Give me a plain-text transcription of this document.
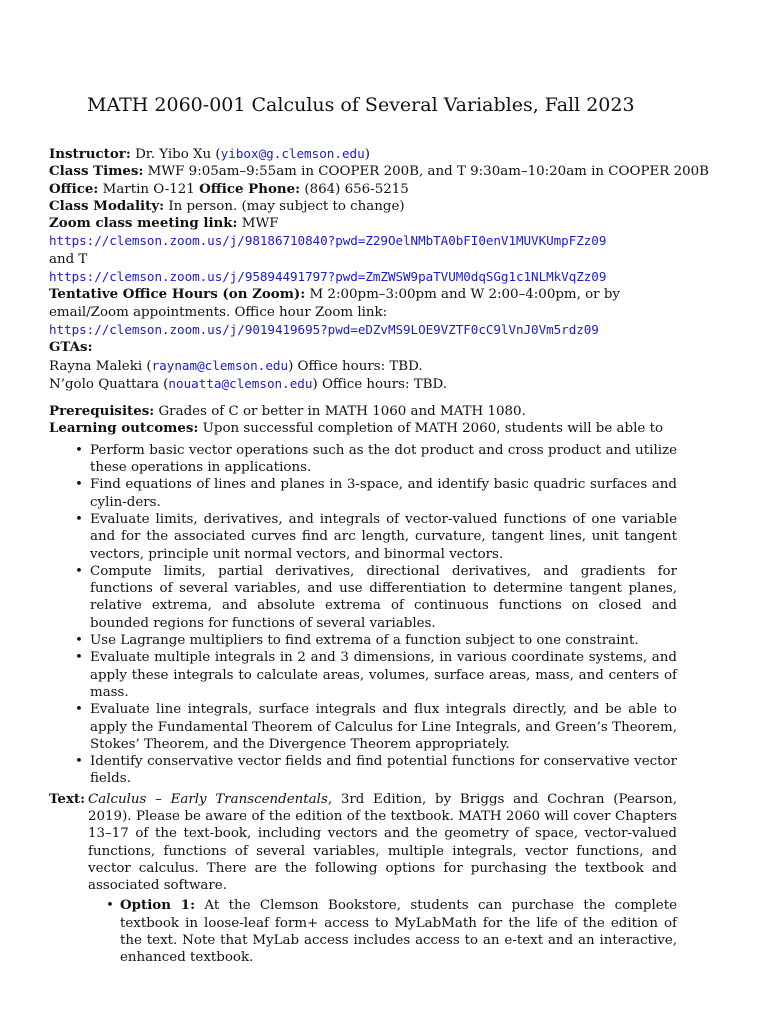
MATH 2060-001 Calculus of Several Variables, Fall 2023
Instructor: Dr. Yibo Xu (yibox@g.clemson.edu)
Class Times: MWF 9:05am–9:55am in COOPER 200B, and T 9:30am–10:20am in COOPER 200B
Office: Martin O-121 Office Phone: (864) 656-5215
Class Modality: In person. (may subject to change)
Zoom class meeting link: MWF
https://clemson.zoom.us/j/98186710840?pwd=Z29OelNMbTA0bFI0enV1MUVKUmpFZz09
and T
https://clemson.zoom.us/j/95894491797?pwd=ZmZWSW9paTVUM0dqSGg1c1NLMkVqZz09
Tentative Office Hours (on Zoom): M 2:00pm–3:00pm and W 2:00–4:00pm, or by email/Zoom appointments. Office hour Zoom link:
https://clemson.zoom.us/j/9019419695?pwd=eDZvMS9LOE9VZTF0cC9lVnJ0Vm5rdz09
GTAs:
Rayna Maleki (raynam@clemson.edu) Office hours: TBD.
N’golo Quattara (nouatta@clemson.edu) Office hours: TBD.
Prerequisites: Grades of C or better in MATH 1060 and MATH 1080.
Learning outcomes: Upon successful completion of MATH 2060, students will be able to
• Perform basic vector operations such as the dot product and cross product and utilize these operations in applications.
• Find equations of lines and planes in 3-space, and identify basic quadric surfaces and cylin-ders.
• Evaluate limits, derivatives, and integrals of vector-valued functions of one variable and for the associated curves find arc length, curvature, tangent lines, unit tangent vectors, principle unit normal vectors, and binormal vectors.
• Compute limits, partial derivatives, directional derivatives, and gradients for functions of several variables, and use differentiation to determine tangent planes, relative extrema, and absolute extrema of continuous functions on closed and bounded regions for functions of several variables.
• Use Lagrange multipliers to find extrema of a function subject to one constraint.
• Evaluate multiple integrals in 2 and 3 dimensions, in various coordinate systems, and apply these integrals to calculate areas, volumes, surface areas, mass, and centers of mass.
• Evaluate line integrals, surface integrals and flux integrals directly, and be able to apply the Fundamental Theorem of Calculus for Line Integrals, and Green’s Theorem, Stokes’ Theorem, and the Divergence Theorem appropriately.
• Identify conservative vector fields and find potential functions for conservative vector fields.
Text: Calculus – Early Transcendentals, 3rd Edition, by Briggs and Cochran (Pearson, 2019). Please be aware of the edition of the textbook. MATH 2060 will cover Chapters 13–17 of the text-book, including vectors and the geometry of space, vector-valued functions, functions of several variables, multiple integrals, vector functions, and vector calculus. There are the following options for purchasing the textbook and associated software.
• Option 1: At the Clemson Bookstore, students can purchase the complete textbook in loose-leaf form+ access to MyLabMath for the life of the edition of the text. Note that MyLab access includes access to an e-text and an interactive, enhanced textbook.
